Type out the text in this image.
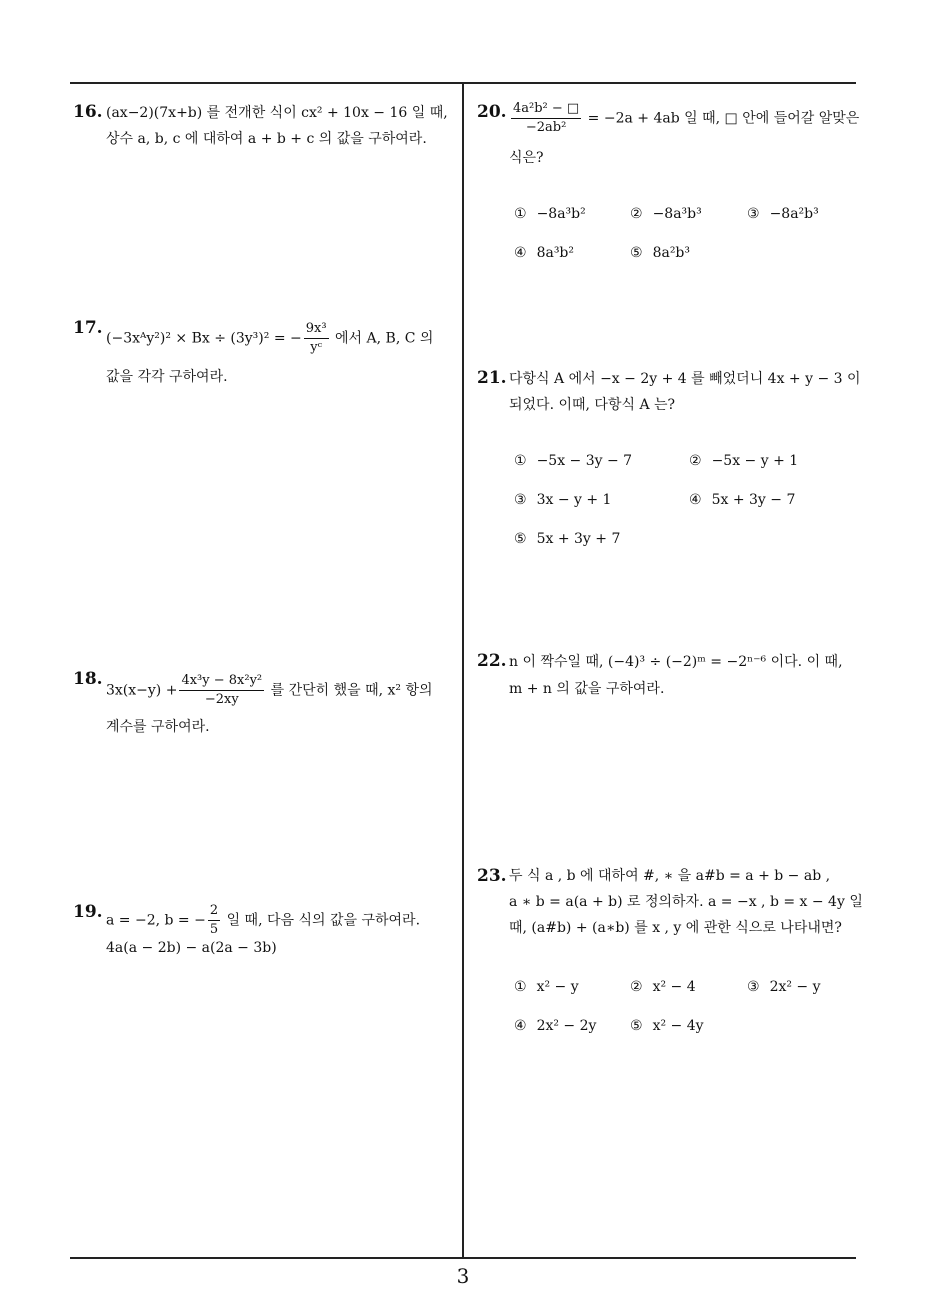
16. (ax−2)(7x+b) 를 전개한 식이 cx² + 10x − 16 일 때,
상수 a, b, c 에 대하여 a + b + c 의 값을 구하여라.
17.
(−3xᴬy²)² × Bx ÷ (3y³)² = − $\frac{\text{9x³}}{\text{yᶜ}}$ 에서 A, B, C 의
값을 각각 구하여라.
18.
$3x(x-y) + \frac{\text{4x³y − 8x²y²}}{-2xy}$ 를 간단히 했을 때, x² 항의
계수를 구하여라.
19. a = −2, b = − $\frac{2}{5}$ 일 때, 다음 식의 값을 구하여라.
4a(a − 2b) − a(2a − 3b)
20. $\frac{\text{4a²b² − □}}{\text{−2ab²}} = -2a + 4ab$ 일 때, □ 안에 들어갈 알맞은
식은?
① −8a³b²	② −8a³b³	③ −8a²b³
④ 8a³b²	⑤ 8a²b³
21. 다항식 A 에서 −x − 2y + 4 를 빼었더니 4x + y − 3 이
되었다. 이때, 다항식 A 는?
① −5x − 3y − 7	② −5x − y + 1
③ 3x − y + 1	④ 5x + 3y − 7
⑤ 5x + 3y + 7
22. n 이 짝수일 때, (−4)³ ÷ (−2)ᵐ = −2ⁿ⁻⁶ 이다. 이 때,
m + n 의 값을 구하여라.
23. 두 식 a , b 에 대하여 #, ∗ 을 a#b = a + b − ab ,
a ∗ b = a(a + b) 로 정의하자. a = −x , b = x − 4y 일
때, (a#b) + (a∗b) 를 x , y 에 관한 식으로 나타내면?
① x² − y	② x² − 4	③ 2x² − y
④ 2x² − 2y ⑤ x² − 4y
3
